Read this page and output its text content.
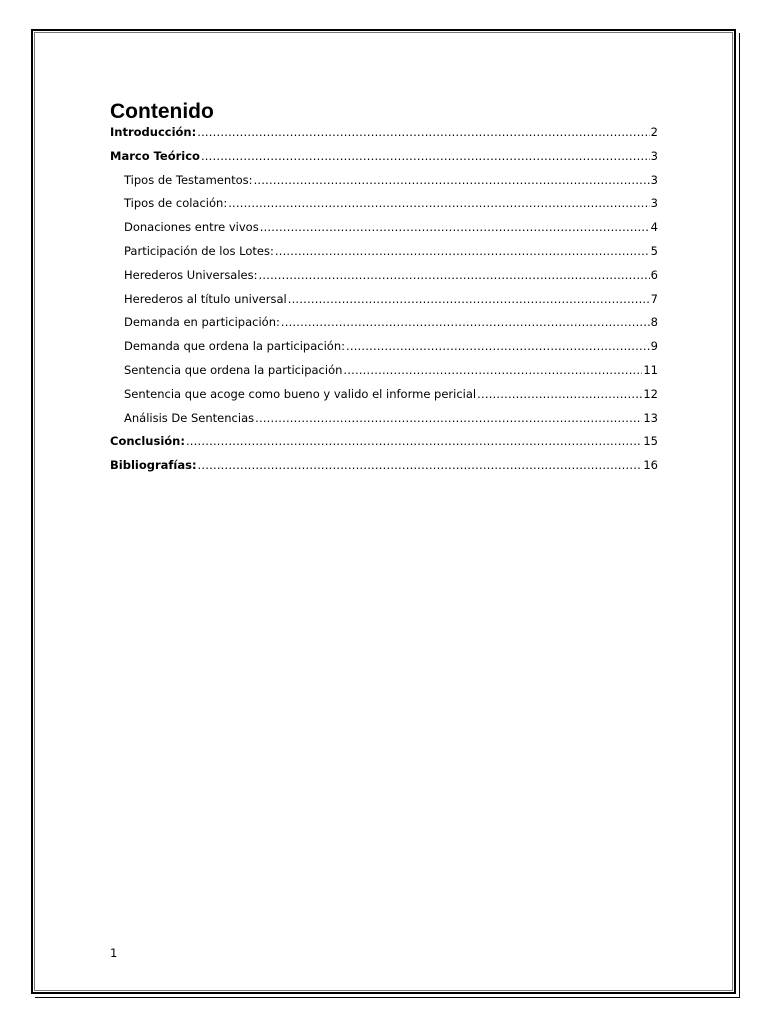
Contenido
Introducción: .....	2
Marco Teórico .....	3
Tipos de Testamentos: .....	3
Tipos de colación: .....	3
Donaciones entre vivos .....	4
Participación de los Lotes: .....	5
Herederos Universales: .....	6
Herederos al título universal .....	7
Demanda en participación: .....	8
Demanda que ordena la participación: .....	9
Sentencia que ordena la participación .....	11
Sentencia que acoge como bueno y valido el informe pericial .....	12
Análisis De Sentencias .....	13
Conclusión: .....	15
Bibliografías: .....	16
1
